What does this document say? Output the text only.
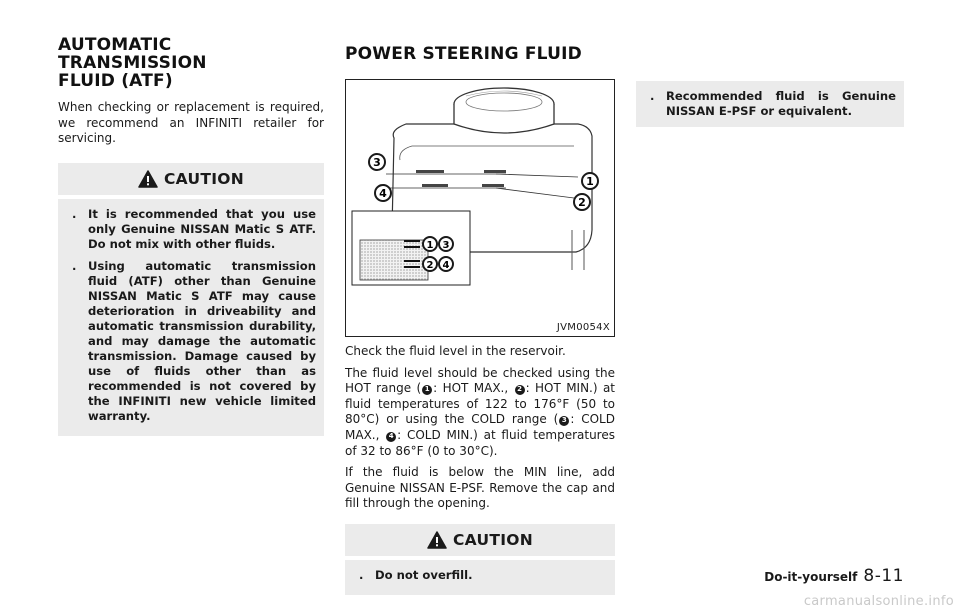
AUTOMATIC TRANSMISSION
FLUID (ATF)

When checking or replacement is required, we recommend an INFINITI retailer for servicing.

CAUTION
. It is recommended that you use only Genuine NISSAN Matic S ATF. Do not mix with other fluids.
. Using automatic transmission fluid (ATF) other than Genuine NISSAN Matic S ATF may cause deterioration in driveability and automatic transmission durability, and may damage the automatic transmission. Damage caused by use of fluids other than as recommended is not covered by the INFINITI new vehicle limited warranty.
POWER STEERING FLUID
3
4
1
2
1 3
2 4
JVM0054X

Check the fluid level in the reservoir.

The fluid level should be checked using the HOT range ( 1 : HOT MAX., 2 : HOT MIN.) at fluid temperatures of 122 to 176°F (50 to 80°C) or using the COLD range ( 3 : COLD MAX., 4 : COLD MIN.) at fluid temperatures of 32 to 86°F (0 to 30°C).

If the fluid is below the MIN line, add Genuine NISSAN E-PSF. Remove the cap and fill through the opening.

CAUTION
. Do not overfill.
. Recommended fluid is Genuine NISSAN E-PSF or equivalent.
Do-it-yourself 8-11
carmanualsonline.info
